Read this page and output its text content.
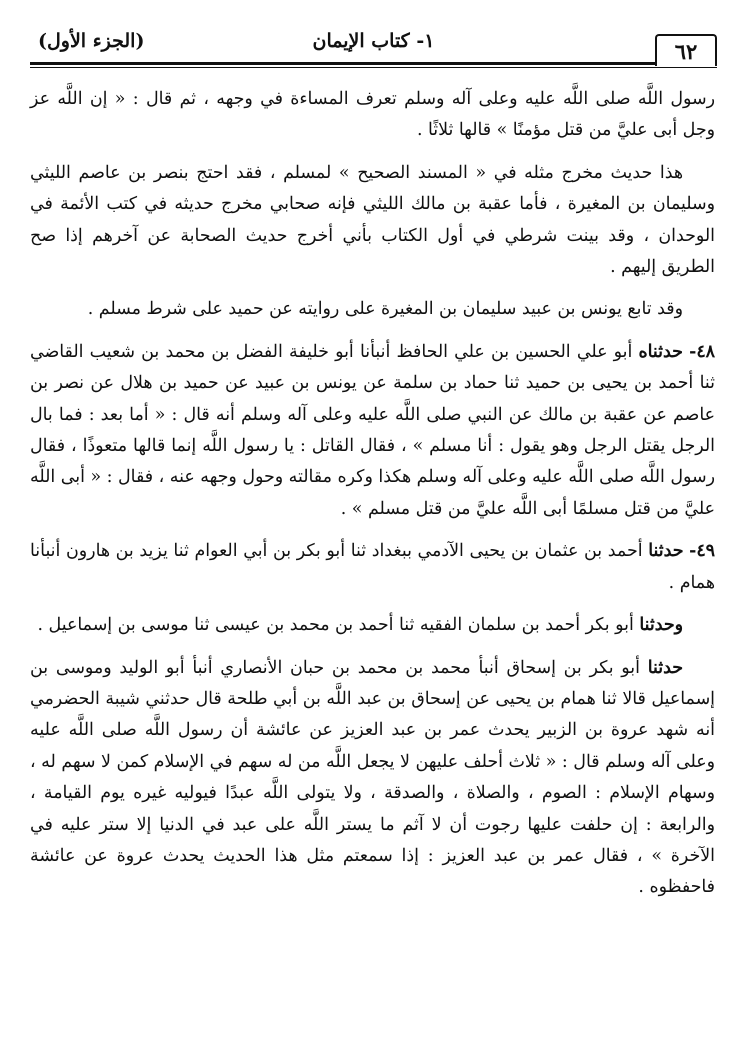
٦٢
١- كتاب الإيمان
(الجزء الأول)

رسول اللَّه صلى اللَّه عليه وعلى آله وسلم تعرف المساءة في وجهه ، ثم قال : « إن اللَّه عز وجل أبى عليَّ من قتل مؤمنًا » قالها ثلاثًا .

هذا حديث مخرج مثله في « المسند الصحيح » لمسلم ، فقد احتج بنصر بن عاصم الليثي وسليمان بن المغيرة ، فأما عقبة بن مالك الليثي فإنه صحابي مخرج حديثه في كتب الأئمة في الوحدان ، وقد بينت شرطي في أول الكتاب بأني أخرج حديث الصحابة عن آخرهم إذا صح الطريق إليهم .

وقد تابع يونس بن عبيد سليمان بن المغيرة على روايته عن حميد على شرط مسلم .

٤٨- حدثناه أبو علي الحسين بن علي الحافظ أنبأنا أبو خليفة الفضل بن محمد بن شعيب القاضي ثنا أحمد بن يحيى بن حميد ثنا حماد بن سلمة عن يونس بن عبيد عن حميد بن هلال عن نصر بن عاصم عن عقبة بن مالك عن النبي صلى اللَّه عليه وعلى آله وسلم أنه قال : « أما بعد : فما بال الرجل يقتل الرجل وهو يقول : أنا مسلم » ، فقال القاتل : يا رسول اللَّه إنما قالها متعوذًا ، فقال رسول اللَّه صلى اللَّه عليه وعلى آله وسلم هكذا وكره مقالته وحول وجهه عنه ، فقال : « أبى اللَّه عليَّ من قتل مسلمًا أبى اللَّه عليَّ من قتل مسلم » .

٤٩- حدثنا أحمد بن عثمان بن يحيى الآدمي ببغداد ثنا أبو بكر بن أبي العوام ثنا يزيد بن هارون أنبأنا همام .

وحدثنا أبو بكر أحمد بن سلمان الفقيه ثنا أحمد بن محمد بن عيسى ثنا موسى بن إسماعيل .

حدثنا أبو بكر بن إسحاق أنبأ محمد بن محمد بن حبان الأنصاري أنبأ أبو الوليد وموسى بن إسماعيل قالا ثنا همام بن يحيى عن إسحاق بن عبد اللَّه بن أبي طلحة قال حدثني شيبة الحضرمي أنه شهد عروة بن الزبير يحدث عمر بن عبد العزيز عن عائشة أن رسول اللَّه صلى اللَّه عليه وعلى آله وسلم قال : « ثلاث أحلف عليهن لا يجعل اللَّه من له سهم في الإسلام كمن لا سهم له ، وسهام الإسلام : الصوم ، والصلاة ، والصدقة ، ولا يتولى اللَّه عبدًا فيوليه غيره يوم القيامة ، والرابعة : إن حلفت عليها رجوت أن لا آثم ما يستر اللَّه على عبد في الدنيا إلا ستر عليه في الآخرة » ، فقال عمر بن عبد العزيز : إذا سمعتم مثل هذا الحديث يحدث عروة عن عائشة فاحفظوه .
